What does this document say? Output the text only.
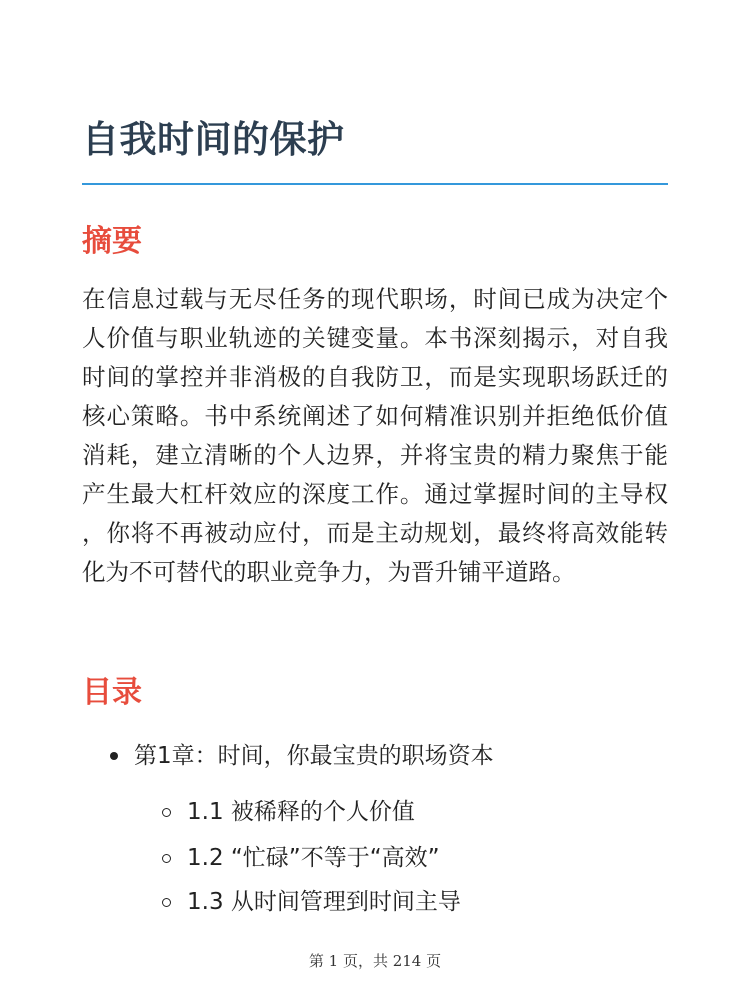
自我时间的保护
摘要

在信息过载与无尽任务的现代职场，时间已成为决定个人价值与职业轨迹的关键变量。本书深刻揭示，对自我时间的掌控并非消极的自我防卫，而是实现职场跃迁的核心策略。书中系统阐述了如何精准识别并拒绝低价值消耗，建立清晰的个人边界，并将宝贵的精力聚焦于能产生最大杠杆效应的深度工作。通过掌握时间的主导权，你将不再被动应付，而是主动规划，最终将高效能转化为不可替代的职业竞争力，为晋升铺平道路。

目录
第1章：时间，你最宝贵的职场资本
1.1 被稀释的个人价值
1.2 “忙碌”不等于“高效”
1.3 从时间管理到时间主导
第 1 页，共 214 页
